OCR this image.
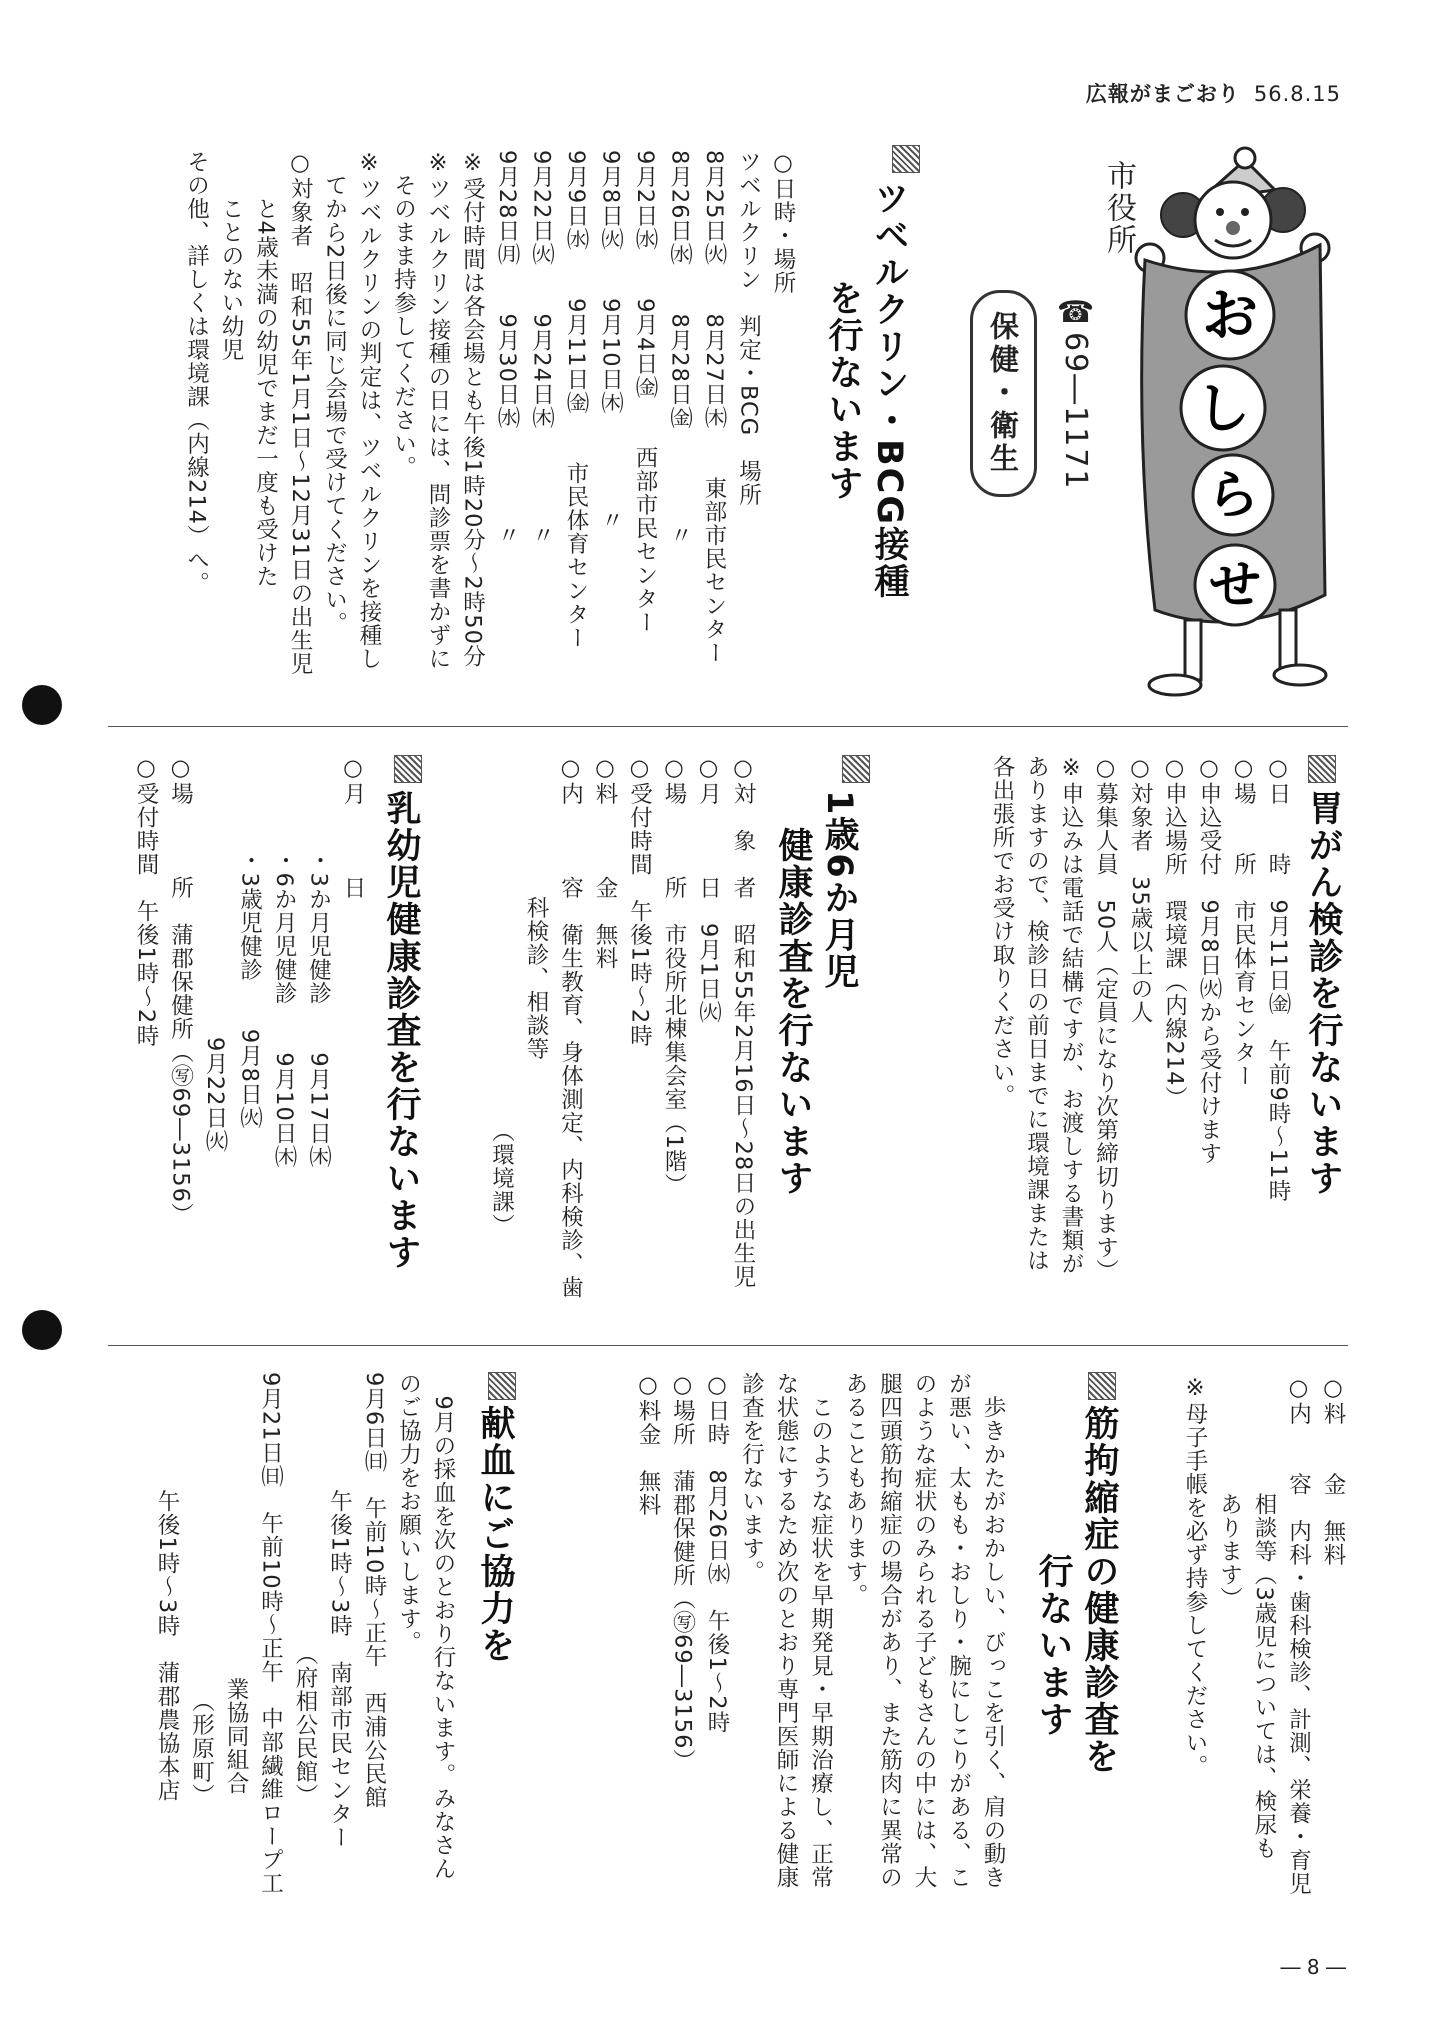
広報がまごおり 56.8.15
― 8 ―
お
し
ら
せ
市役所
☎69―1171
保健・衛生
ツベルクリン・BCG接種
を行ないます
○日時・場所
ツベルクリン　判定・BCG　場所
8月25日㈫　　8月27日㈭　　東部市民センター
8月26日㈬　　8月28日㈮　　　　〃
9月2日㈬　　9月4日㈮　　西部市民センター
9月8日㈫　　9月10日㈭　　　　〃
9月9日㈬　　9月11日㈮　　市民体育センター
9月22日㈫　　9月24日㈭　　　　〃
9月28日㈪　　9月30日㈬　　　　〃
※受付時間は各会場とも午後1時20分～2時50分
※ツベルクリン接種の日には、問診票を書かずに
　そのまま持参してください。
※ツベルクリンの判定は、ツベルクリンを接種し
　てから2日後に同じ会場で受けてください。
○対象者　昭和55年1月1日～12月31日の出生児
　　と4歳未満の幼児でまだ一度も受けた
　　ことのない幼児
その他、詳しくは環境課（内線214）へ。
胃がん検診を行ないます
○日　　時　9月11日㈮　午前9時～11時
○場　　所　市民体育センター
○申込受付　9月8日㈫から受付けます
○申込場所　環境課（内線214）
○対象者　35歳以上の人
○募集人員　50人（定員になり次第締切ります）
※申込みは電話で結構ですが、お渡しする書類が
ありますので、検診日の前日までに環境課または
各出張所でお受け取りください。
1歳6か月児
　健康診査を行ないます
○対　象　者　昭和55年2月16日～28日の出生児
○月　　　日　9月1日㈫
○場　　　所　市役所北棟集会室（1階）
○受付時間　午後1時～2時
○料　　　金　無料
○内　　　容　衛生教育、身体測定、内科検診、歯
　　　　　　科検診、相談等
　　　　　　　　　　　　　　　　（環境課）
乳幼児健康診査を行ないます
○月　　　日
　　　　・3か月児健診　　9月17日㈭
　　　　・6か月児健診　　9月10日㈭
　　　　・3歳児健診　　9月8日㈫
　　　　　　　　　　　　9月22日㈫
○場　　　所　蒲郡保健所（㊢69―3156）
○受付時間　午後1時～2時
○料　　金　無料
○内　　容　内科・歯科検診、計測、栄養・育児
　　　　　相談等（3歳児については、検尿も
　　　　　あります）
※母子手帳を必ず持参してください。
筋拘縮症の健康診査を
　　　　行ないます
　歩きかたがおかしい、びっこを引く、肩の動き
が悪い、太もも・おしり・腕にしこりがある、こ
のような症状のみられる子どもさんの中には、大
腿四頭筋拘縮症の場合があり、また筋肉に異常の
あることもあります。
　このような症状を早期発見・早期治療し、正常
な状態にするため次のとおり専門医師による健康
診査を行ないます。
○日時　8月26日㈬　午後1～2時
○場所　蒲郡保健所（㊢69―3156）
○料金　無料
献血にご協力を
　9月の採血を次のとおり行ないます。みなさん
のご協力をお願いします。
9月6日㈰　午前10時～正午　西浦公民館
　　　　　午後1時～3時　南部市民センター
　　　　　　　　　　　　（府相公民館）
9月21日㈰　午前10時～正午　中部繊維ロープ工
　　　　　　　　　　　　　業協同組合
　　　　　　　　　　　　　　（形原町）
　　　　　午後1時～3時　蒲郡農協本店
